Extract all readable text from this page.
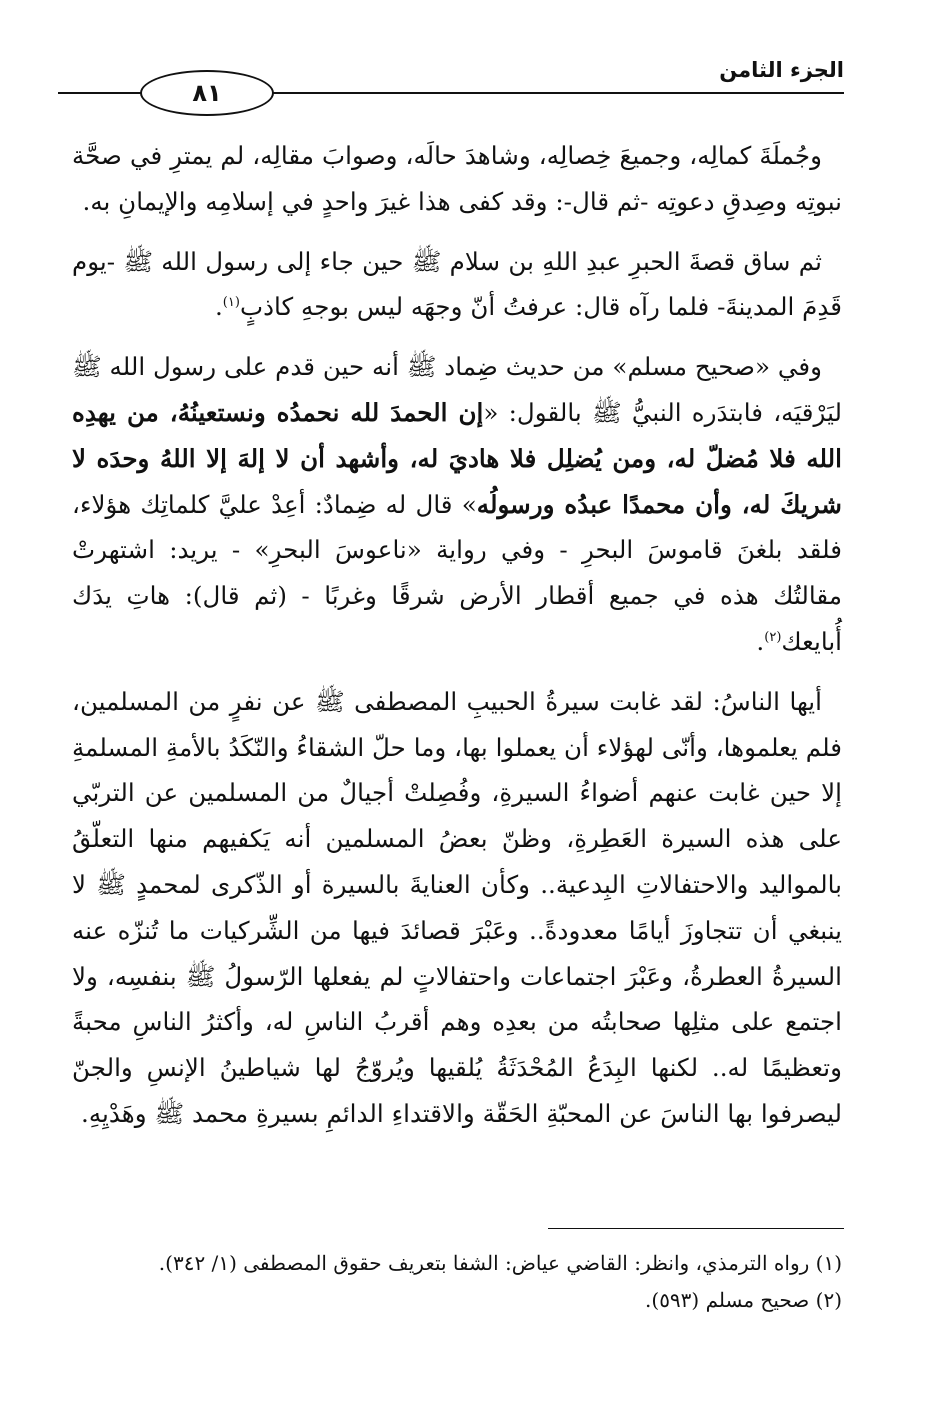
الجزء الثامن
٨١

وجُملَةَ كمالِه، وجميعَ خِصالِه، وشاهدَ حالَه، وصوابَ مقالِه، لم يمترِ في صحَّة نبوتِه وصِدقِ دعوتِه -ثم قال-: وقد كفى هذا غيرَ واحدٍ في إسلامِه والإيمانِ به.

ثم ساق قصةَ الحبرِ عبدِ اللهِ بن سلام ﷺ حين جاء إلى رسول الله ﷺ -يوم قَدِمَ المدينةَ- فلما رآه قال: عرفتُ أنّ وجهَه ليس بوجهِ كاذبٍ$^{(١)}$.

وفي «صحيح مسلم» من حديث ضِماد ﷺ أنه حين قدم على رسول الله ﷺ ليَرْقيَه، فابتدَره النبيُّ ﷺ بالقول: «إن الحمدَ لله نحمدُه ونستعينُهُ، من يهدِه الله فلا مُضلّ له، ومن يُضلِل فلا هاديَ له، وأشهد أن لا إلهَ إلا اللهُ وحدَه لا شريكَ له، وأن محمدًا عبدُه ورسولُه» قال له ضِمادٌ: أعِدْ عليَّ كلماتِك هؤلاء، فلقد بلغنَ قاموسَ البحرِ - وفي رواية «ناعوسَ البحرِ» - يريد: اشتهرتْ مقالتُك هذه في جميع أقطار الأرض شرقًا وغربًا - (ثم قال): هاتِ يدَك أُبايعك$^{(٢)}$.

أيها الناسُ: لقد غابت سيرةُ الحبيبِ المصطفى ﷺ عن نفرٍ من المسلمين، فلم يعلموها، وأنّى لهؤلاء أن يعملوا بها، وما حلّ الشقاءُ والنّكَدُ بالأمةِ المسلمةِ إلا حين غابت عنهم أضواءُ السيرةِ، وفُصِلتْ أجيالٌ من المسلمين عن التربّي على هذه السيرة العَطِرةِ، وظنّ بعضُ المسلمين أنه يَكفيهم منها التعلّقُ بالمواليد والاحتفالاتِ البِدعية.. وكأن العنايةَ بالسيرة أو الذّكرى لمحمدٍ ﷺ لا ينبغي أن تتجاوزَ أيامًا معدودةً.. وعَبْرَ قصائدَ فيها من الشِّركيات ما تُنزّه عنه السيرةُ العطرةُ، وعَبْرَ اجتماعات واحتفالاتٍ لم يفعلها الرّسولُ ﷺ بنفسِه، ولا اجتمع على مثلِها صحابتُه من بعدِه وهم أقربُ الناسِ له، وأكثرُ الناسِ محبةً وتعظيمًا له.. لكنها البِدَعُ المُحْدَثَةُ يُلقيها ويُروّجُ لها شياطينُ الإنسِ والجنّ ليصرفوا بها الناسَ عن المحبّةِ الحَقّة والاقتداءِ الدائمِ بسيرةِ محمد ﷺ وهَدْيِهِ.

(١) رواه الترمذي، وانظر: القاضي عياض: الشفا بتعريف حقوق المصطفى (١/ ٣٤٢).

(٢) صحيح مسلم (٥٩٣).
